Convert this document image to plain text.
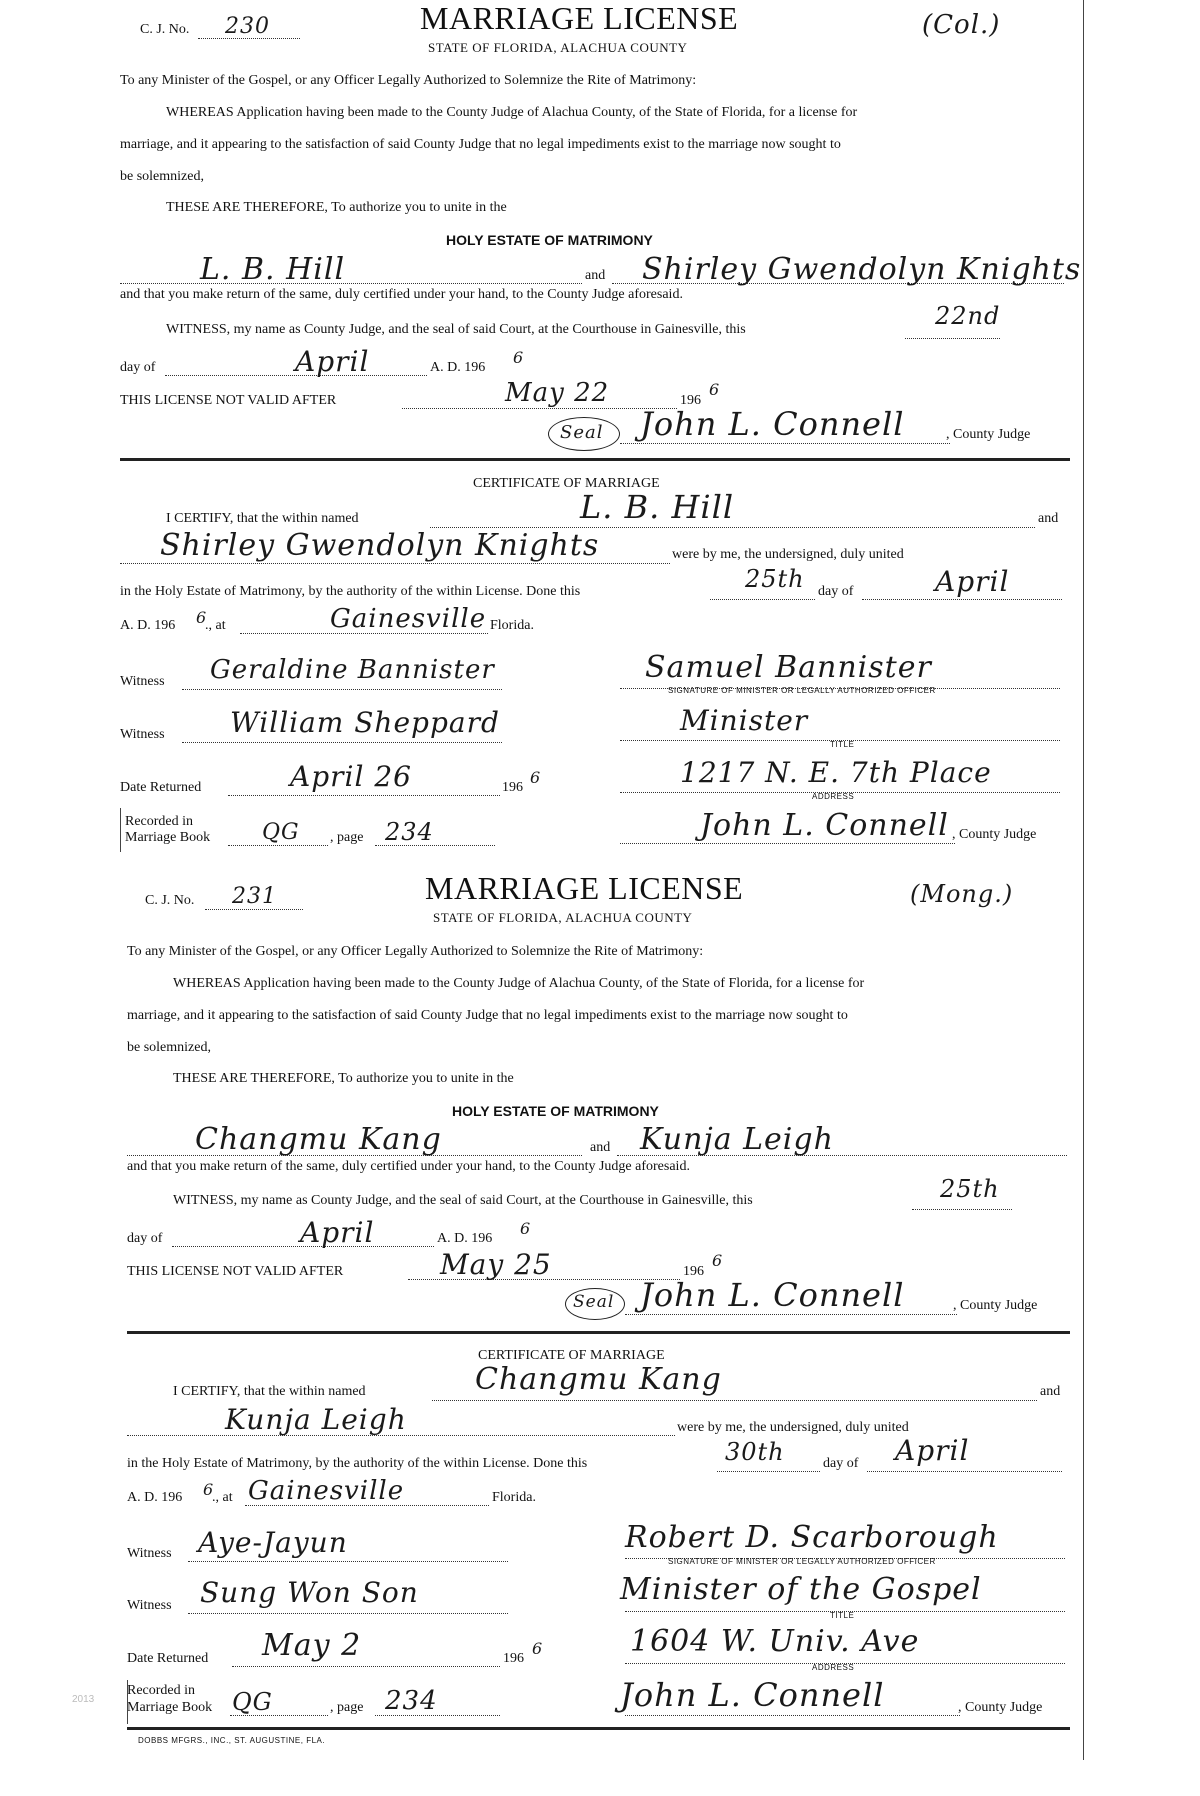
C. J. No. 230	MARRIAGE LICENSE
STATE OF FLORIDA, ALACHUA COUNTY
(Col.)
To any Minister of the Gospel, or any Officer Legally Authorized to Solemnize the Rite of Matrimony:
WHEREAS Application having been made to the County Judge of Alachua County, of the State of Florida, for a license for
marriage, and it appearing to the satisfaction of said County Judge that no legal impediments exist to the marriage now sought to
be solemnized,
THESE ARE THEREFORE, To authorize you to unite in the
HOLY ESTATE OF MATRIMONY
L. B. Hill	and Shirley Gwendolyn Knights
and that you make return of the same, duly certified under your hand, to the County Judge aforesaid.
WITNESS, my name as County Judge, and the seal of said Court, at the Courthouse in Gainesville, this	22nd
day of	April	A. D. 196
6
THIS LICENSE NOT VALID AFTER	May 22	196
6
Seal John L. Connell	, County Judge
CERTIFICATE OF MARRIAGE
I CERTIFY, that the within named	L. B. Hill	and
Shirley Gwendolyn Knights	were by me, the undersigned, duly united
in the Holy Estate of Matrimony, by the authority of the within License. Done this	25th day of	April
A. D. 196 6
., at	Gainesville Florida.
Witness Geraldine Bannister	Samuel Bannister
SIGNATURE OF MINISTER OR LEGALLY AUTHORIZED OFFICER
Witness William Sheppard	Minister
TITLE
Date Returned	April 26	196
6	1217 N. E. 7th Place
ADDRESS
Recorded in
Marriage Book QG , page 234	John L. Connell , County Judge
C. J. No. 231	MARRIAGE LICENSE
STATE OF FLORIDA, ALACHUA COUNTY
(Mong.)
To any Minister of the Gospel, or any Officer Legally Authorized to Solemnize the Rite of Matrimony:
WHEREAS Application having been made to the County Judge of Alachua County, of the State of Florida, for a license for
marriage, and it appearing to the satisfaction of said County Judge that no legal impediments exist to the marriage now sought to
be solemnized,
THESE ARE THEREFORE, To authorize you to unite in the
HOLY ESTATE OF MATRIMONY
Changmu Kang	and Kunja Leigh
and that you make return of the same, duly certified under your hand, to the County Judge aforesaid.
WITNESS, my name as County Judge, and the seal of said Court, at the Courthouse in Gainesville, this	25th
day of	April	A. D. 196
6
THIS LICENSE NOT VALID AFTER	May 25	196
6
Seal John L. Connell	, County Judge
CERTIFICATE OF MARRIAGE
I CERTIFY, that the within named	Changmu Kang	and
Kunja Leigh	were by me, the undersigned, duly united
in the Holy Estate of Matrimony, by the authority of the within License. Done this	30th	day of April
A. D. 196 6
., at Gainesville	Florida.
Witness Aye-Jayun	Robert D. Scarborough
SIGNATURE OF MINISTER OR LEGALLY AUTHORIZED OFFICER
Witness Sung Won Son	Minister of the Gospel
TITLE
Date Returned May 2	196
6	1604 W. Univ. Ave
ADDRESS
Recorded in
Marriage Book QG	, page 234	John L. Connell	, County Judge
DOBBS MFGRS., INC., ST. AUGUSTINE, FLA.
2013
